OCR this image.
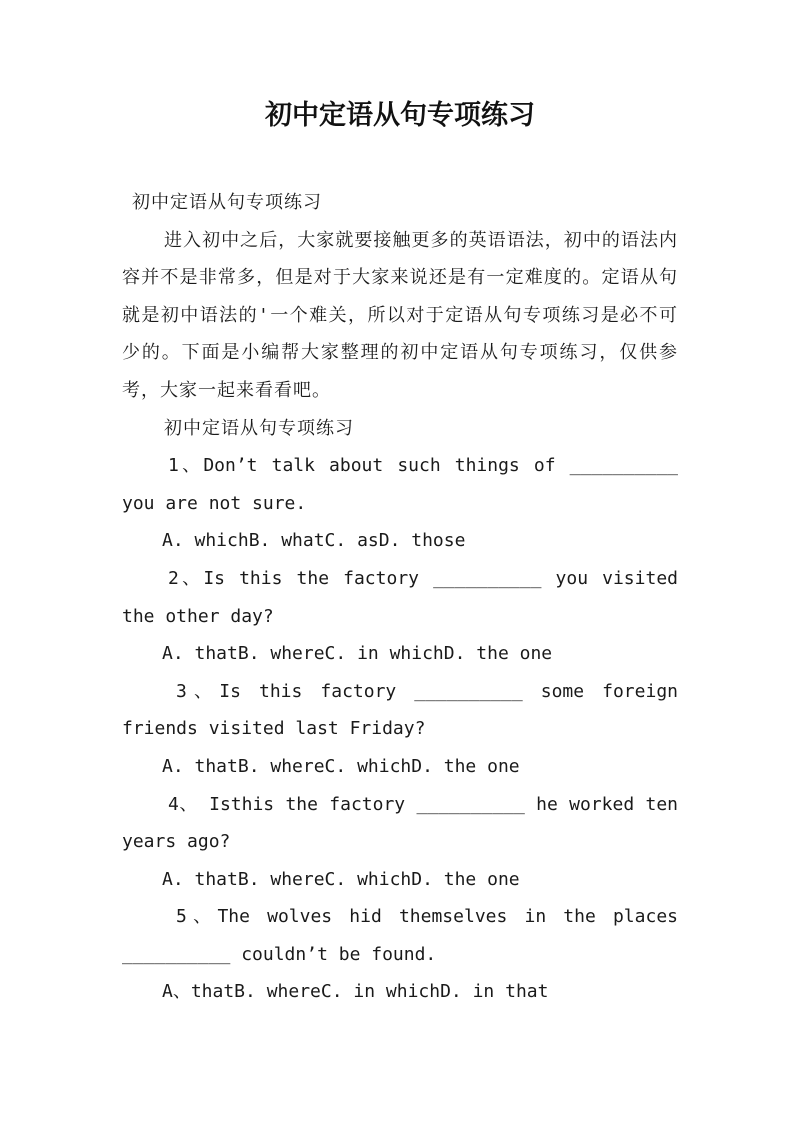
初中定语从句专项练习

初中定语从句专项练习

进入初中之后，大家就要接触更多的英语语法，初中的语法内容并不是非常多，但是对于大家来说还是有一定难度的。定语从句就是初中语法的'一个难关，所以对于定语从句专项练习是必不可少的。下面是小编帮大家整理的初中定语从句专项练习，仅供参考，大家一起来看看吧。

初中定语从句专项练习

1、Don’t talk about such things of __________ you are not sure.

A. whichB. whatC. asD. those

2、Is this the factory __________ you visited the other day?

A. thatB. whereC. in whichD. the one

3、Is this factory __________ some foreign friends visited last Friday?

A. thatB. whereC. whichD. the one

4、 Isthis the factory __________ he worked ten years ago?

A. thatB. whereC. whichD. the one

5、The wolves hid themselves in the places __________ couldn’t be found.

A、thatB. whereC. in whichD. in that
